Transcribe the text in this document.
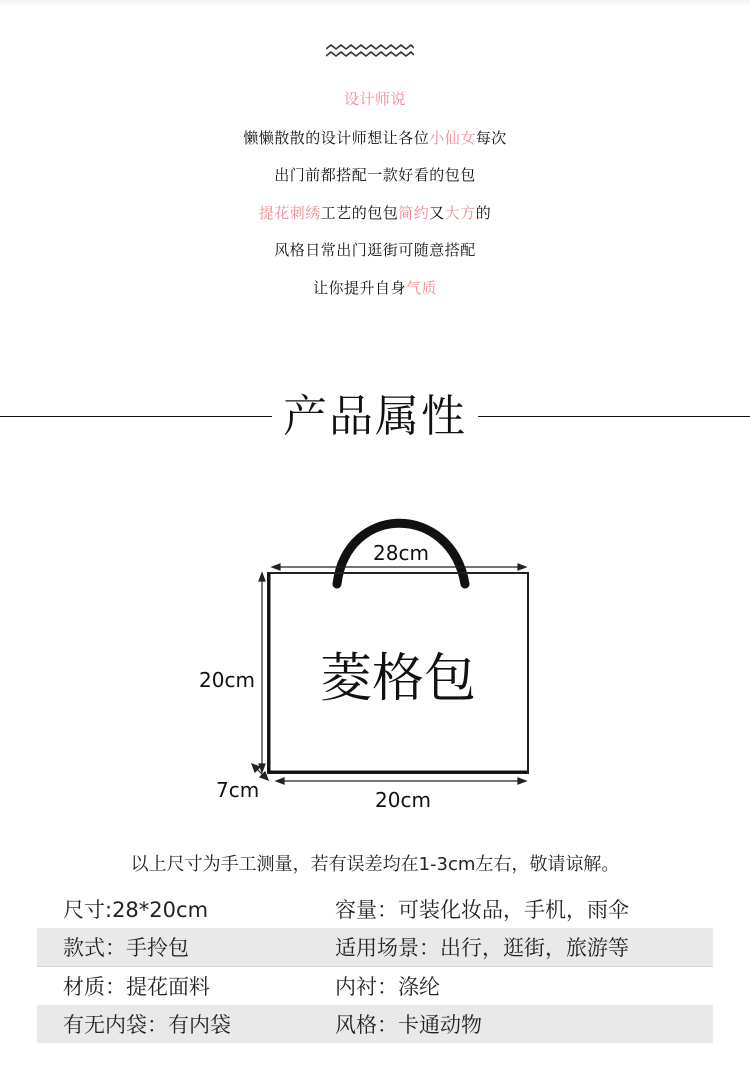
设计师说
懒懒散散的设计师想让各位小仙女每次
出门前都搭配一款好看的包包
提花刺绣工艺的包包简约又大方的
风格日常出门逛街可随意搭配
让你提升自身气质
产品属性
28cm
20cm
7cm	20cm
菱格包
以上尺寸为手工测量，若有误差均在1-3cm左右，敬请谅解。
尺寸:28*20cm	容量：可装化妆品，手机，雨伞
款式：手拎包	适用场景：出行，逛街，旅游等
材质：提花面料	内衬：涤纶
有无内袋：有内袋	风格：卡通动物
